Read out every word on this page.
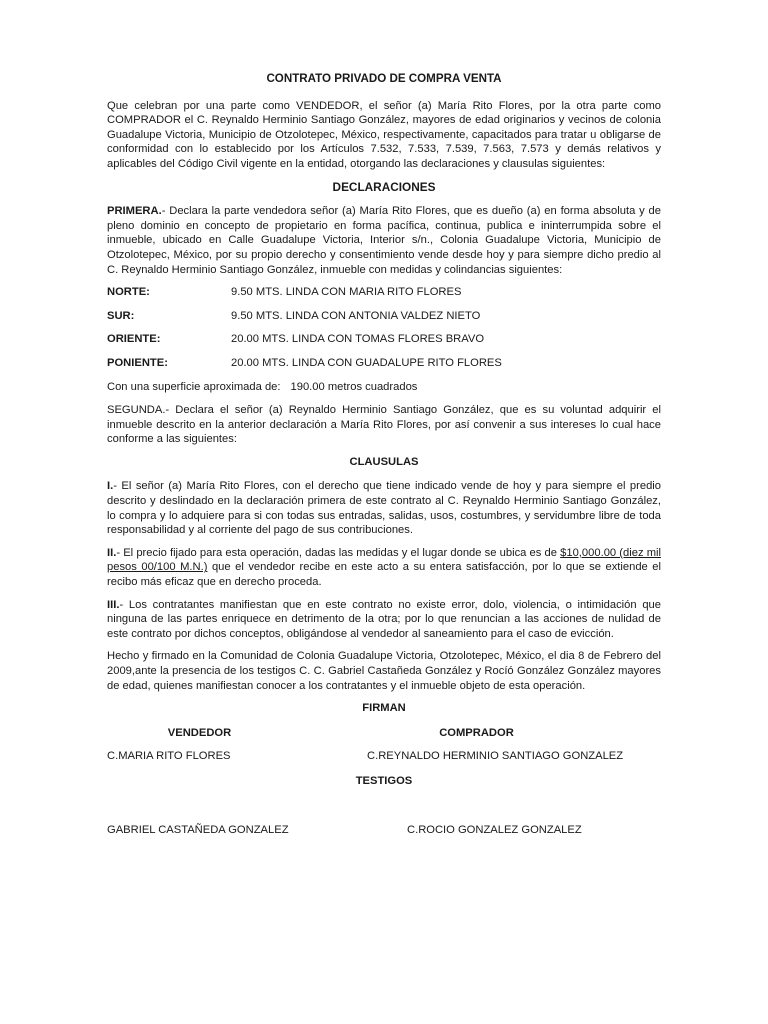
CONTRATO PRIVADO DE COMPRA VENTA

Que celebran por una parte como VENDEDOR, el señor (a) María Rito Flores, por la otra parte como COMPRADOR el C. Reynaldo Herminio Santiago González, mayores de edad originarios y vecinos de colonia Guadalupe Victoria, Municipio de Otzolotepec, México, respectivamente, capacitados para tratar u obligarse de conformidad con lo establecido por los Artículos 7.532, 7.533, 7.539, 7.563, 7.573 y demás relativos y aplicables del Código Civil vigente en la entidad, otorgando las declaraciones y clausulas siguientes:

DECLARACIONES

PRIMERA.- Declara la parte vendedora señor (a) María Rito Flores, que es dueño (a) en forma absoluta y de pleno dominio en concepto de propietario en forma pacífica, continua, publica e ininterrumpida sobre el inmueble, ubicado en Calle Guadalupe Victoria, Interior s/n., Colonia Guadalupe Victoria, Municipio de Otzolotepec, México, por su propio derecho y consentimiento vende desde hoy y para siempre dicho predio al C. Reynaldo Herminio Santiago González, inmueble con medidas y colindancias siguientes:

NORTE:	9.50 MTS. LINDA CON MARIA RITO FLORES
SUR:	9.50 MTS. LINDA CON ANTONIA VALDEZ NIETO
ORIENTE:	20.00 MTS. LINDA CON TOMAS FLORES BRAVO
PONIENTE:	20.00 MTS. LINDA CON GUADALUPE RITO FLORES
Con una superficie aproximada de: 190.00 metros cuadrados

SEGUNDA.- Declara el señor (a) Reynaldo Herminio Santiago González, que es su voluntad adquirir el inmueble descrito en la anterior declaración a María Rito Flores, por así convenir a sus intereses lo cual hace conforme a las siguientes:

CLAUSULAS

I.- El señor (a) María Rito Flores, con el derecho que tiene indicado vende de hoy y para siempre el predio descrito y deslindado en la declaración primera de este contrato al C. Reynaldo Herminio Santiago González, lo compra y lo adquiere para si con todas sus entradas, salidas, usos, costumbres, y servidumbre libre de toda responsabilidad y al corriente del pago de sus contribuciones.

II.- El precio fijado para esta operación, dadas las medidas y el lugar donde se ubica es de $10,000.00 (diez mil pesos 00/100 M.N.) que el vendedor recibe en este acto a su entera satisfacción, por lo que se extiende el recibo más eficaz que en derecho proceda.

III.- Los contratantes manifiestan que en este contrato no existe error, dolo, violencia, o intimidación que ninguna de las partes enriquece en detrimento de la otra; por lo que renuncian a las acciones de nulidad de este contrato por dichos conceptos, obligándose al vendedor al saneamiento para el caso de evicción.

Hecho y firmado en la Comunidad de Colonia Guadalupe Victoria, Otzolotepec, México, el dia 8 de Febrero del 2009,ante la presencia de los testigos C. C. Gabriel Castañeda González y Rocíó González González mayores de edad, quienes manifiestan conocer a los contratantes y el inmueble objeto de esta operación.

FIRMAN
VENDEDOR	COMPRADOR
C.MARIA RITO FLORES	C.REYNALDO HERMINIO SANTIAGO GONZALEZ
TESTIGOS
GABRIEL CASTAÑEDA GONZALEZ	C.ROCIO GONZALEZ GONZALEZ
